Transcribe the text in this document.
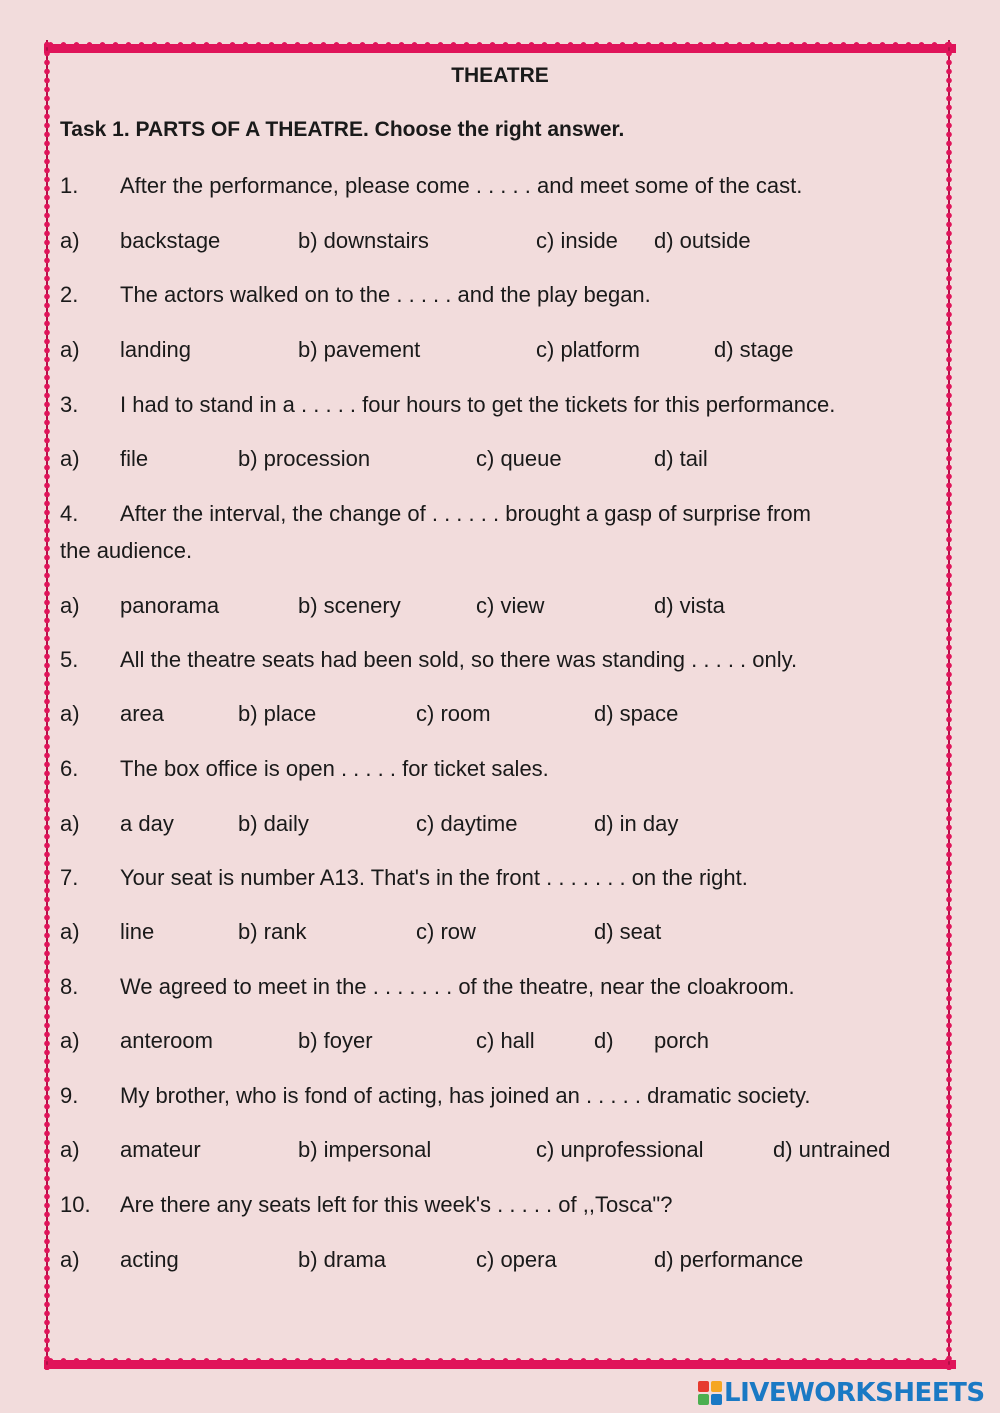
THEATRE
Task 1. PARTS OF A THEATRE. Choose the right answer.
1. After the performance, please come . . . . . and meet some of the cast.
a) backstage	b) downstairs	c) inside d) outside
2. The actors walked on to the . . . . . and the play began.
a) landing	b) pavement	c) platform	d) stage
3. I had to stand in a . . . . . four hours to get the tickets for this performance.
a) file	b) procession	c) queue	d) tail
4. After the interval, the change of . . . . . . brought a gasp of surprise from
the audience.
a) panorama	b) scenery	c) view	d) vista
5. All the theatre seats had been sold, so there was standing . . . . . only.
a) area	b) place	c) room	d) space
6. The box office is open . . . . . for ticket sales.
a) a day	b) daily	c) daytime	d) in day
7. Your seat is number A13. That's in the front . . . . . . . on the right.
a) line	b) rank	c) row	d) seat
8. We agreed to meet in the . . . . . . . of the theatre, near the cloakroom.
a) anteroom	b) foyer	c) hall	d) porch
9. My brother, who is fond of acting, has joined an . . . . . dramatic society.
a) amateur	b) impersonal	c) unprofessional	d) untrained
10. Are there any seats left for this week's . . . . . of ,,Tosca"?
a) acting	b) drama	c) opera	d) performance
LIVEWORKSHEETS
